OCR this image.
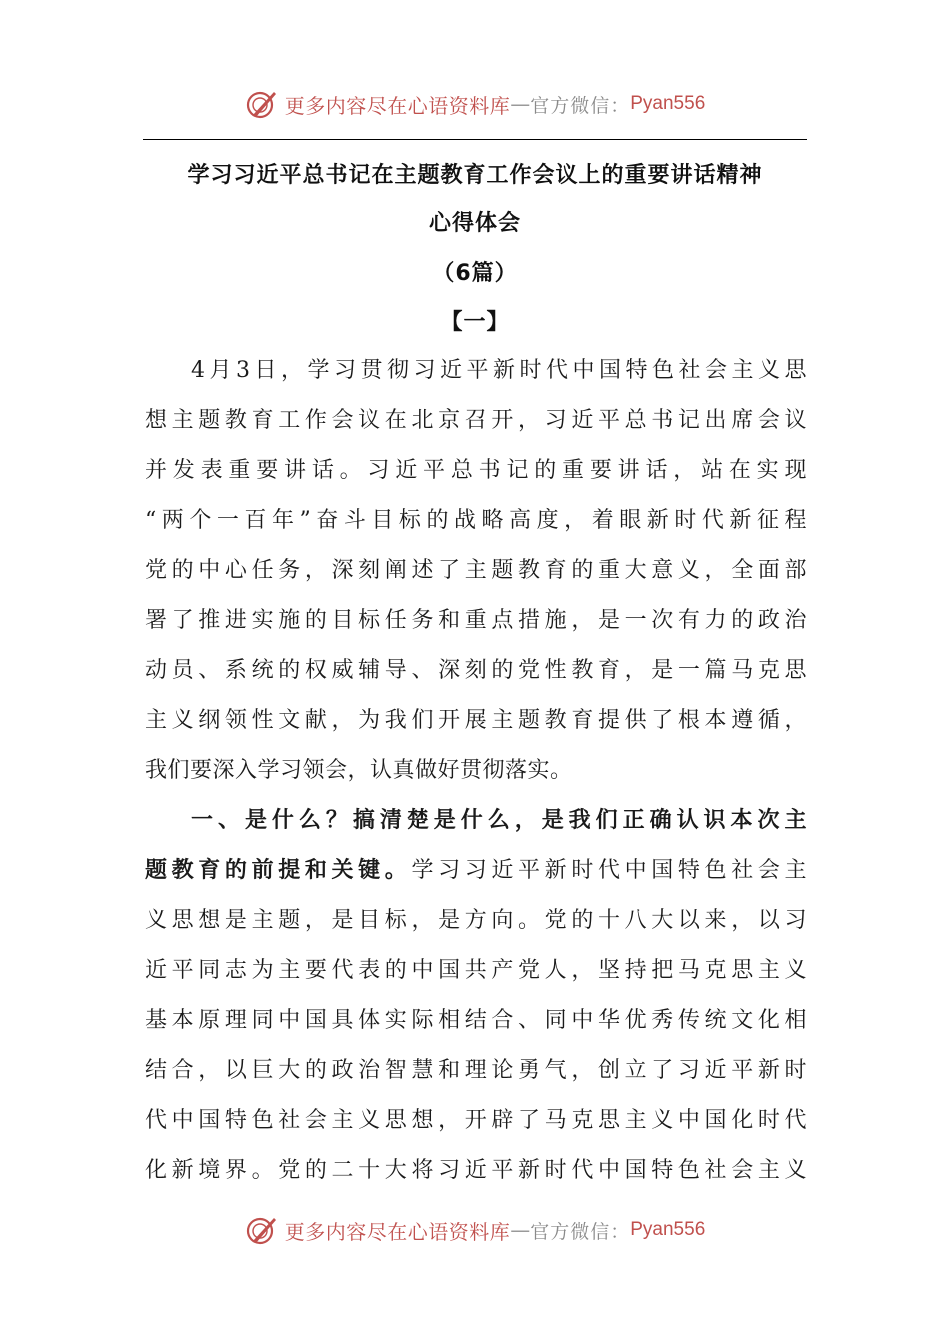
更多内容尽在心语资料库 — 官方微信： Pyan556
学习习近平总书记在主题教育工作会议上的重要讲话精神
心得体会
（6篇）
【一】
4月3日，学习贯彻习近平新时代中国特色社会主义思
想主题教育工作会议在北京召开，习近平总书记出席会议
并发表重要讲话。习近平总书记的重要讲话，站在实现
“两个一百年”奋斗目标的战略高度，着眼新时代新征程
党的中心任务，深刻阐述了主题教育的重大意义，全面部
署了推进实施的目标任务和重点措施，是一次有力的政治
动员、系统的权威辅导、深刻的党性教育，是一篇马克思
主义纲领性文献，为我们开展主题教育提供了根本遵循，
我们要深入学习领会，认真做好贯彻落实。
一、是什么？搞清楚是什么，是我们正确认识本次主
题教育的前提和关键。学习习近平新时代中国特色社会主
义思想是主题，是目标，是方向。党的十八大以来，以习
近平同志为主要代表的中国共产党人，坚持把马克思主义
基本原理同中国具体实际相结合、同中华优秀传统文化相
结合，以巨大的政治智慧和理论勇气，创立了习近平新时
代中国特色社会主义思想，开辟了马克思主义中国化时代
化新境界。党的二十大将习近平新时代中国特色社会主义
更多内容尽在心语资料库 — 官方微信： Pyan556
